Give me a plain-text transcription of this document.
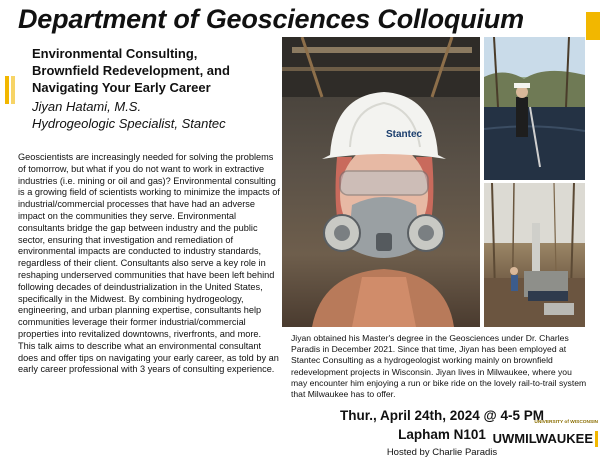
Department of Geosciences Colloquium
Environmental Consulting,
Brownfield Redevelopment, and
Navigating Your Early Career
Jiyan Hatami, M.S.
Hydrogeologic Specialist, Stantec
Geoscientists are increasingly needed for solving the problems of tomorrow, but what if you do not want to work in extractive industries (i.e. mining or oil and gas)? Environmental consulting is a growing field of scientists working to minimize the impacts of industrial/commercial processes that have had an adverse impact on the communities they serve. Environmental consultants bridge the gap between industry and the public sector, ensuring that investigation and remediation of environmental impacts are conducted to industry standards, regardless of their client. Consultants also serve a key role in reshaping underserved communities that have been left behind following decades of deindustrialization in the United States, specifically in the Midwest. By combining hydrogeology, engineering, and urban planning expertise, consultants help communities leverage their former industrial/commercial properties into revitalized downtowns, riverfronts, and more. This talk aims to describe what an environmental consultant does and offer tips on navigating your early career, as told by an early career professional with 3 years of consulting experience.
Stantec
Jiyan obtained his Master's degree in the Geosciences under Dr. Charles Paradis in December 2021. Since that time, Jiyan has been employed at Stantec Consulting as a hydrogeologist working mainly on brownfield redevelopment projects in Wisconsin. Jiyan lives in Milwaukee, where you may encounter him enjoying a run or bike ride on the lovely rail-to-trail system that Milwaukee has to offer.
Thur., April 24th, 2024 @ 4-5 PM
Lapham N101
Hosted by Charlie Paradis
UNIVERSITY of WISCONSIN
UWMILWAUKEE
